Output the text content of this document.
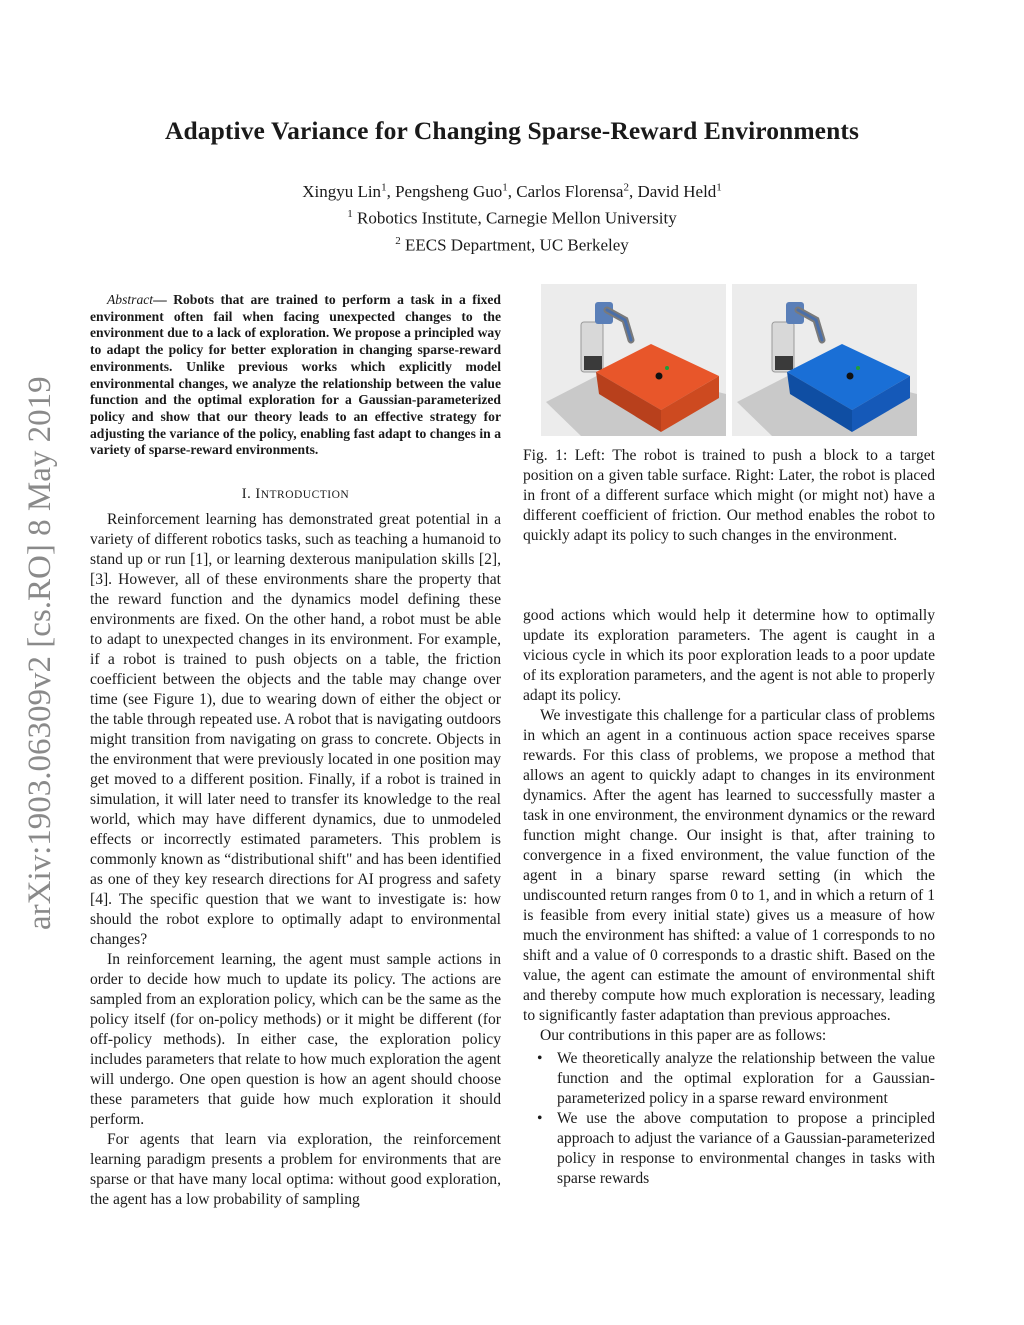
Adaptive Variance for Changing Sparse-Reward Environments
Xingyu Lin$^1$, Pengsheng Guo$^1$, Carlos Florensa$^2$, David Held$^1$
$^1$ Robotics Institute, Carnegie Mellon University
$^2$ EECS Department, UC Berkeley
arXiv:1903.06309v2 [cs.RO] 8 May 2019
Abstract— Robots that are trained to perform a task in a fixed environment often fail when facing unexpected changes to the environment due to a lack of exploration. We propose a principled way to adapt the policy for better exploration in changing sparse-reward environments. Unlike previous works which explicitly model environmental changes, we analyze the relationship between the value function and the optimal exploration for a Gaussian-parameterized policy and show that our theory leads to an effective strategy for adjusting the variance of the policy, enabling fast adapt to changes in a variety of sparse-reward environments.
I. INTRODUCTION

Reinforcement learning has demonstrated great potential in a variety of different robotics tasks, such as teaching a humanoid to stand up or run [1], or learning dexterous manipulation skills [2], [3]. However, all of these environments share the property that the reward function and the dynamics model defining these environments are fixed. On the other hand, a robot must be able to adapt to unexpected changes in its environment. For example, if a robot is trained to push objects on a table, the friction coefficient between the objects and the table may change over time (see Figure 1), due to wearing down of either the object or the table through repeated use. A robot that is navigating outdoors might transition from navigating on grass to concrete. Objects in the environment that were previously located in one position may get moved to a different position. Finally, if a robot is trained in simulation, it will later need to transfer its knowledge to the real world, which may have different dynamics, due to unmodeled effects or incorrectly estimated parameters. This problem is commonly known as “distributional shift" and has been identified as one of they key research directions for AI progress and safety [4]. The specific question that we want to investigate is: how should the robot explore to optimally adapt to environmental changes?

In reinforcement learning, the agent must sample actions in order to decide how much to update its policy. The actions are sampled from an exploration policy, which can be the same as the policy itself (for on-policy methods) or it might be different (for off-policy methods). In either case, the exploration policy includes parameters that relate to how much exploration the agent will undergo. One open question is how an agent should choose these parameters that guide how much exploration it should perform.

For agents that learn via exploration, the reinforcement learning paradigm presents a problem for environments that are sparse or that have many local optima: without good exploration, the agent has a low probability of sampling

Fig. 1: Left: The robot is trained to push a block to a target position on a given table surface. Right: Later, the robot is placed in front of a different surface which might (or might not) have a different coefficient of friction. Our method enables the robot to quickly adapt its policy to such changes in the environment.

good actions which would help it determine how to optimally update its exploration parameters. The agent is caught in a vicious cycle in which its poor exploration leads to a poor update of its exploration parameters, and the agent is not able to properly adapt its policy.

We investigate this challenge for a particular class of problems in which an agent in a continuous action space receives sparse rewards. For this class of problems, we propose a method that allows an agent to quickly adapt to changes in its environment dynamics. After the agent has learned to successfully master a task in one environment, the environment dynamics or the reward function might change. Our insight is that, after training to convergence in a fixed environment, the value function of the agent in a binary sparse reward setting (in which the undiscounted return ranges from 0 to 1, and in which a return of 1 is feasible from every initial state) gives us a measure of how much the environment has shifted: a value of 1 corresponds to no shift and a value of 0 corresponds to a drastic shift. Based on the value, the agent can estimate the amount of environmental shift and thereby compute how much exploration is necessary, leading to significantly faster adaptation than previous approaches.

Our contributions in this paper are as follows:

• We theoretically analyze the relationship between the value function and the optimal exploration for a Gaussian-parameterized policy in a sparse reward environment
• We use the above computation to propose a principled approach to adjust the variance of a Gaussian-parameterized policy in response to environmental changes in tasks with sparse rewards
